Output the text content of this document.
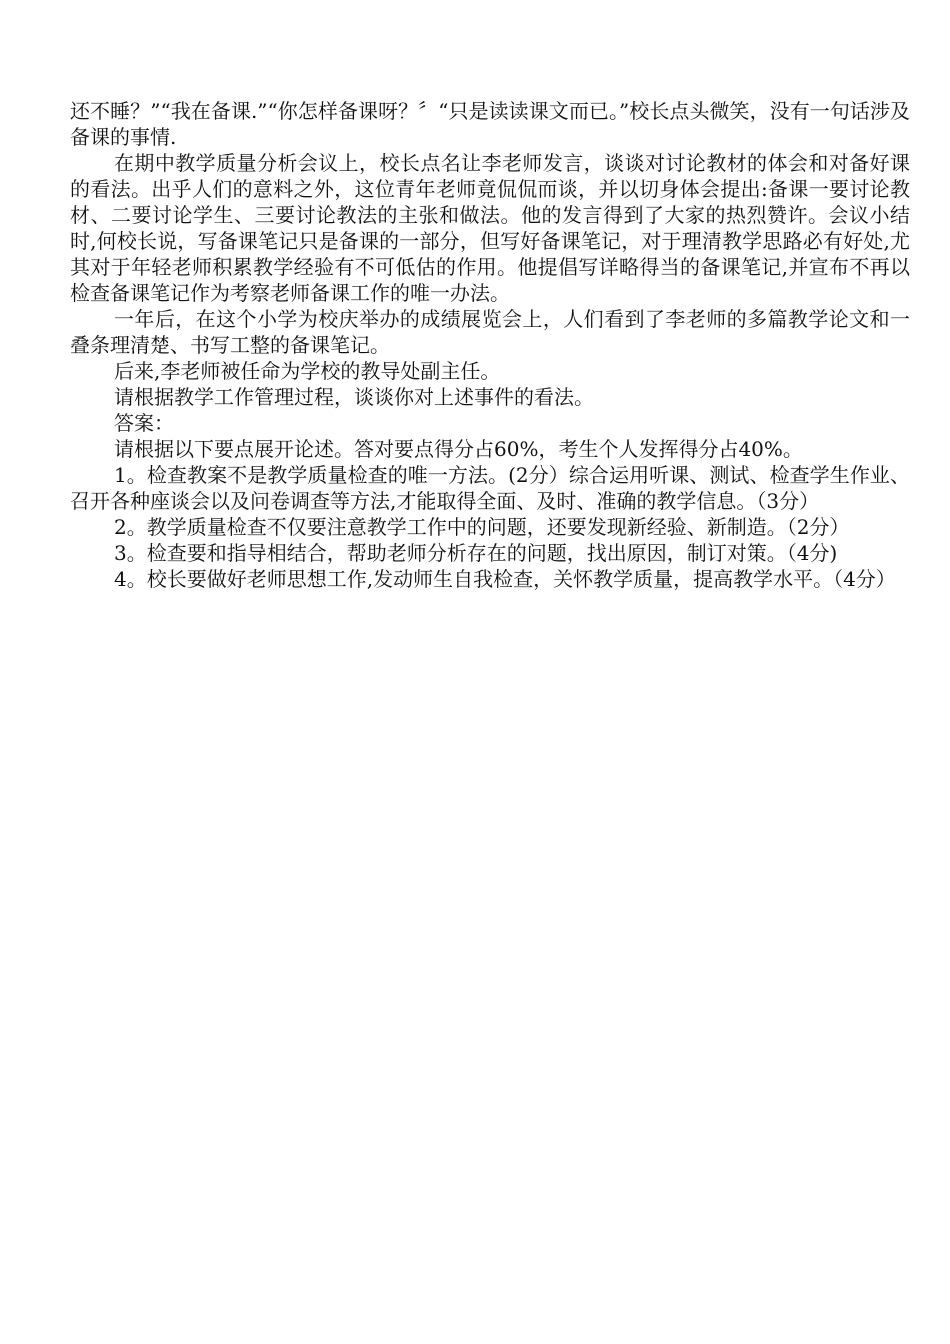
还不睡？”“我在备课.”“你怎样备课呀？〞“只是读读课文而已。”校长点头微笑，没有一句话涉及备课的事情.

在期中教学质量分析会议上，校长点名让李老师发言，谈谈对讨论教材的体会和对备好课的看法。出乎人们的意料之外，这位青年老师竟侃侃而谈，并以切身体会提出:备课一要讨论教材、二要讨论学生、三要讨论教法的主张和做法。他的发言得到了大家的热烈赞许。会议小结时,何校长说，写备课笔记只是备课的一部分，但写好备课笔记，对于理清教学思路必有好处,尤其对于年轻老师积累教学经验有不可低估的作用。他提倡写详略得当的备课笔记,并宣布不再以检查备课笔记作为考察老师备课工作的唯一办法。

一年后，在这个小学为校庆举办的成绩展览会上，人们看到了李老师的多篇教学论文和一叠条理清楚、书写工整的备课笔记。

后来,李老师被任命为学校的教导处副主任。

请根据教学工作管理过程，谈谈你对上述事件的看法。

答案：

请根据以下要点展开论述。答对要点得分占60%，考生个人发挥得分占40%。

1。检查教案不是教学质量检查的唯一方法。(2分）综合运用听课、测试、检查学生作业、召开各种座谈会以及问卷调查等方法,才能取得全面、及时、准确的教学信息。（3分）

2。教学质量检查不仅要注意教学工作中的问题，还要发现新经验、新制造。（2分）

3。检查要和指导相结合，帮助老师分析存在的问题，找出原因，制订对策。（4分)

4。校长要做好老师思想工作,发动师生自我检查，关怀教学质量，提高教学水平。（4分）
